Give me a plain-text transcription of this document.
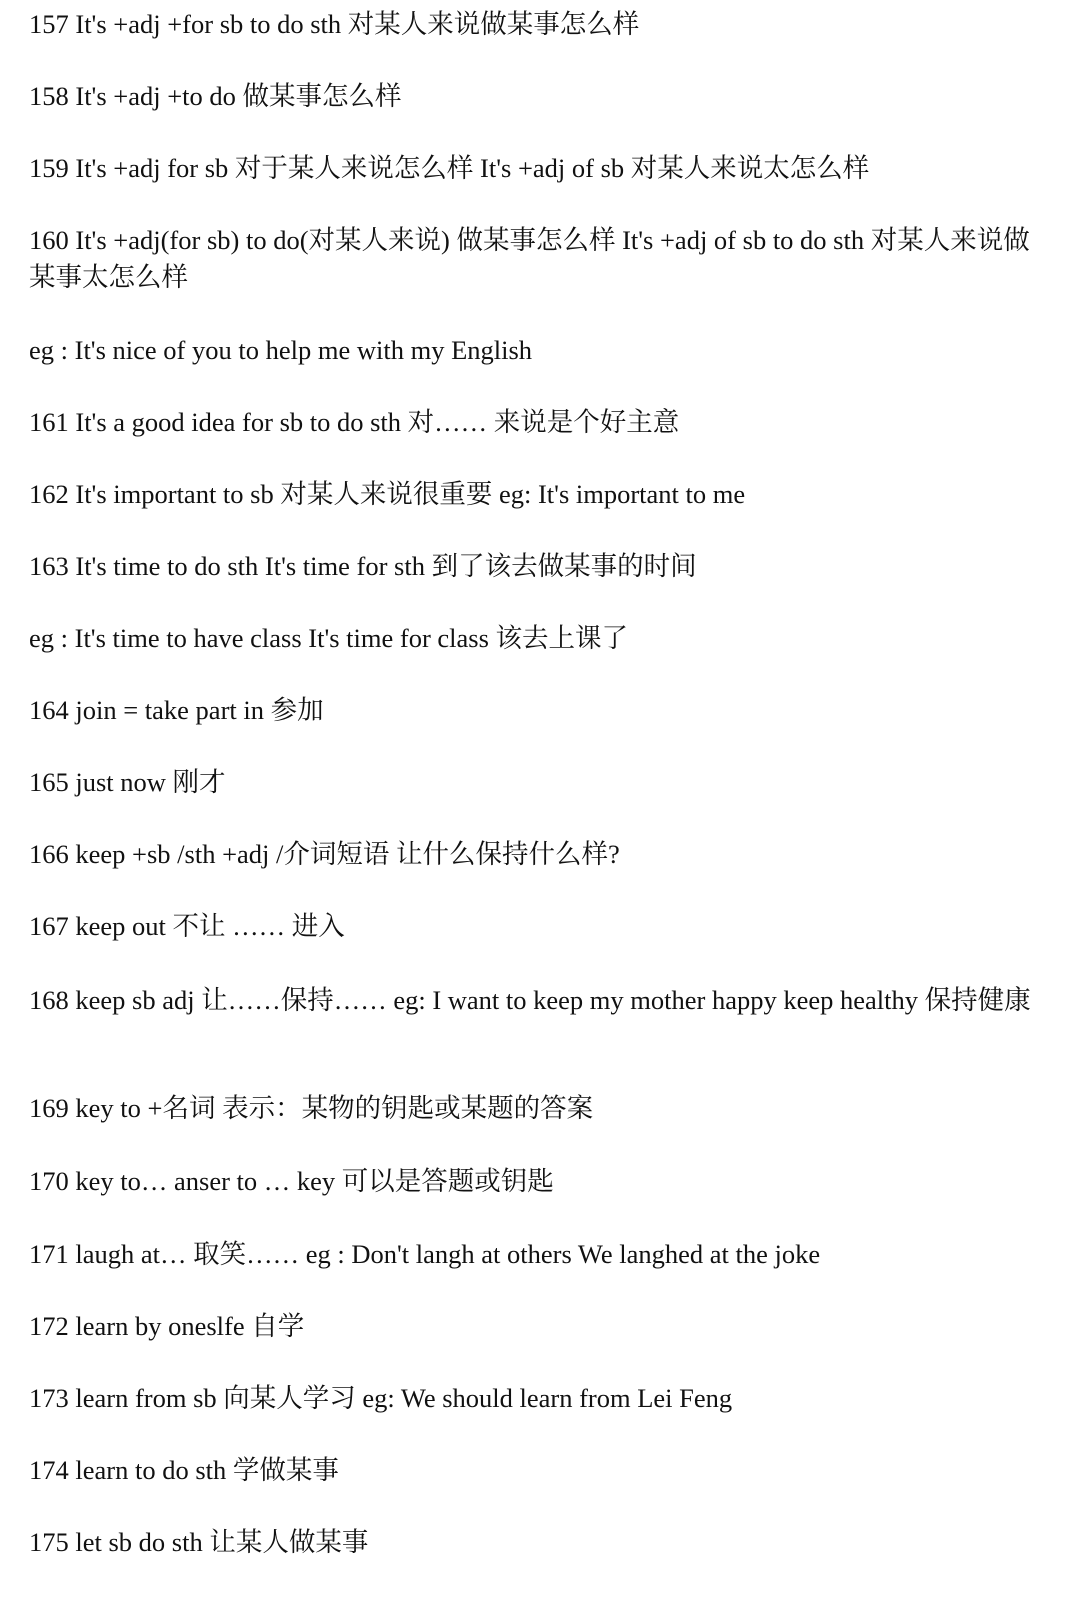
157 It's +adj +for sb to do sth 对某人来说做某事怎么样
158 It's +adj +to do 做某事怎么样
159 It's +adj for sb 对于某人来说怎么样 It's +adj of sb 对某人来说太怎么样
160 It's +adj(for sb) to do(对某人来说) 做某事怎么样 It's +adj of sb to do sth 对某人来说做某事太怎么样
eg : It's nice of you to help me with my English
161 It's a good idea for sb to do sth 对…… 来说是个好主意
162 It's important to sb 对某人来说很重要 eg: It's important to me
163 It's time to do sth It's time for sth 到了该去做某事的时间
eg : It's time to have class It's time for class 该去上课了
164 join = take part in 参加
165 just now 刚才
166 keep +sb /sth +adj /介词短语 让什么保持什么样?
167 keep out 不让 …… 进入
168 keep sb adj 让……保持…… eg: I want to keep my mother happy keep healthy 保持健康
169 key to +名词 表示：某物的钥匙或某题的答案
170 key to… anser to … key 可以是答题或钥匙
171 laugh at… 取笑…… eg : Don't langh at others We langhed at the joke
172 learn by oneslfe 自学
173 learn from sb 向某人学习 eg: We should learn from Lei Feng
174 learn to do sth 学做某事
175 let sb do sth 让某人做某事
